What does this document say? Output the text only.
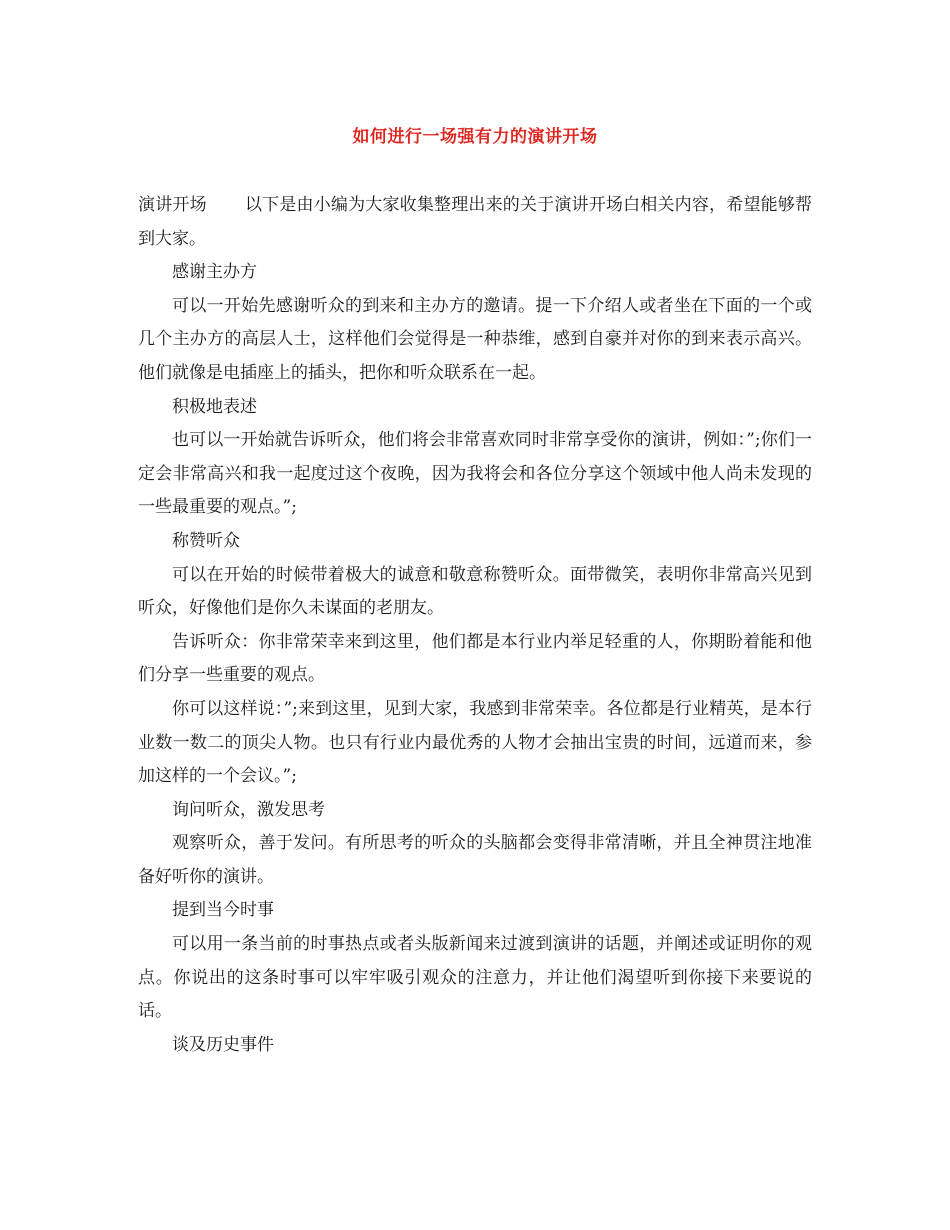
如何进行一场强有力的演讲开场

演讲开场 以下是由小编为大家收集整理出来的关于演讲开场白相关内容，希望能够帮到大家。

感谢主办方

可以一开始先感谢听众的到来和主办方的邀请。提一下介绍人或者坐在下面的一个或几个主办方的高层人士，这样他们会觉得是一种恭维，感到自豪并对你的到来表示高兴。他们就像是电插座上的插头，把你和听众联系在一起。

积极地表述

也可以一开始就告诉听众，他们将会非常喜欢同时非常享受你的演讲，例如：”;你们一定会非常高兴和我一起度过这个夜晚，因为我将会和各位分享这个领域中他人尚未发现的一些最重要的观点。”;

称赞听众

可以在开始的时候带着极大的诚意和敬意称赞听众。面带微笑，表明你非常高兴见到听众，好像他们是你久未谋面的老朋友。

告诉听众：你非常荣幸来到这里，他们都是本行业内举足轻重的人，你期盼着能和他们分享一些重要的观点。

你可以这样说：”;来到这里，见到大家，我感到非常荣幸。各位都是行业精英，是本行业数一数二的顶尖人物。也只有行业内最优秀的人物才会抽出宝贵的时间，远道而来，参加这样的一个会议。”;

询问听众，激发思考

观察听众，善于发问。有所思考的听众的头脑都会变得非常清晰，并且全神贯注地准备好听你的演讲。

提到当今时事

可以用一条当前的时事热点或者头版新闻来过渡到演讲的话题，并阐述或证明你的观点。你说出的这条时事可以牢牢吸引观众的注意力，并让他们渴望听到你接下来要说的话。

谈及历史事件
